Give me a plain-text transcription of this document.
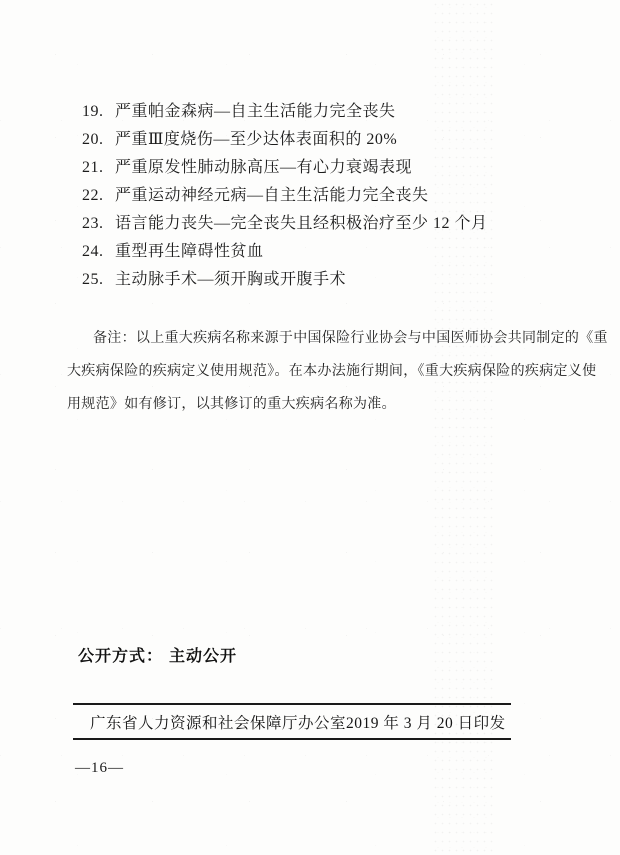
19. 严重帕金森病—自主生活能力完全丧失
20. 严重Ⅲ度烧伤—至少达体表面积的 20%
21. 严重原发性肺动脉高压—有心力衰竭表现
22. 严重运动神经元病—自主生活能力完全丧失
23. 语言能力丧失—完全丧失且经积极治疗至少 12 个月
24. 重型再生障碍性贫血
25. 主动脉手术—须开胸或开腹手术
备注：以上重大疾病名称来源于中国保险行业协会与中国医师协会共同制定的《重
大疾病保险的疾病定义使用规范》。在本办法施行期间，《重大疾病保险的疾病定义使
用规范》如有修订，以其修订的重大疾病名称为准。
公开方式： 主动公开
广东省人力资源和社会保障厅办公室 2019 年 3 月 20 日印发
—16—
